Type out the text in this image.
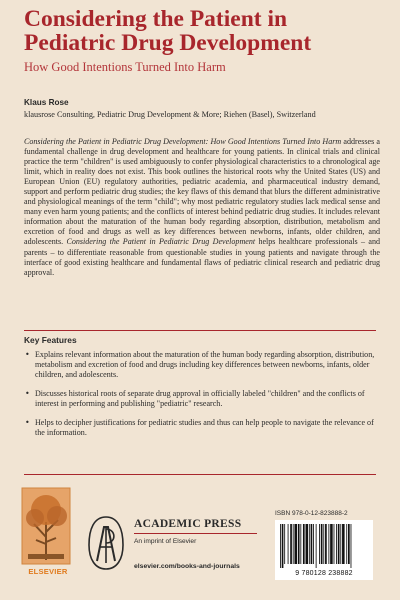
Considering the Patient in Pediatric Drug Development

How Good Intentions Turned Into Harm

Klaus Rose
klausrose Consulting, Pediatric Drug Development & More; Riehen (Basel), Switzerland

Considering the Patient in Pediatric Drug Development: How Good Intentions Turned Into Harm addresses a fundamental challenge in drug development and healthcare for young patients. In clinical trials and clinical practice the term "children" is used ambiguously to confer physiological characteristics to a chronological age limit, which in reality does not exist. This book outlines the historical roots why the United States (US) and European Union (EU) regulatory authorities, pediatric academia, and pharmaceutical industry demand, support and perform pediatric drug studies; the key flaws of this demand that blurs the different administrative and physiological meanings of the term "child"; why most pediatric regulatory studies lack medical sense and many even harm young patients; and the conflicts of interest behind pediatric drug studies. It includes relevant information about the maturation of the human body regarding absorption, distribution, metabolism and excretion of food and drugs as well as key differences between newborns, infants, older children, and adolescents. Considering the Patient in Pediatric Drug Development helps healthcare professionals – and parents – to differentiate reasonable from questionable studies in young patients and navigate through the interface of good existing healthcare and fundamental flaws of pediatric clinical research and pediatric drug approval.

Key Features
• Explains relevant information about the maturation of the human body regarding absorption, distribution, metabolism and excretion of food and drugs including key differences between newborns, infants, older children, and adolescents.
• Discusses historical roots of separate drug approval in officially labeled "children" and the conflicts of interest in performing and publishing "pediatric" research.
• Helps to decipher justifications for pediatric studies and thus can help people to navigate the relevance of the information.
ELSEVIER
ACADEMIC PRESS
An imprint of Elsevier
elsevier.com/books-and-journals
ISBN 978-0-12-823888-2
9 780128 238882
